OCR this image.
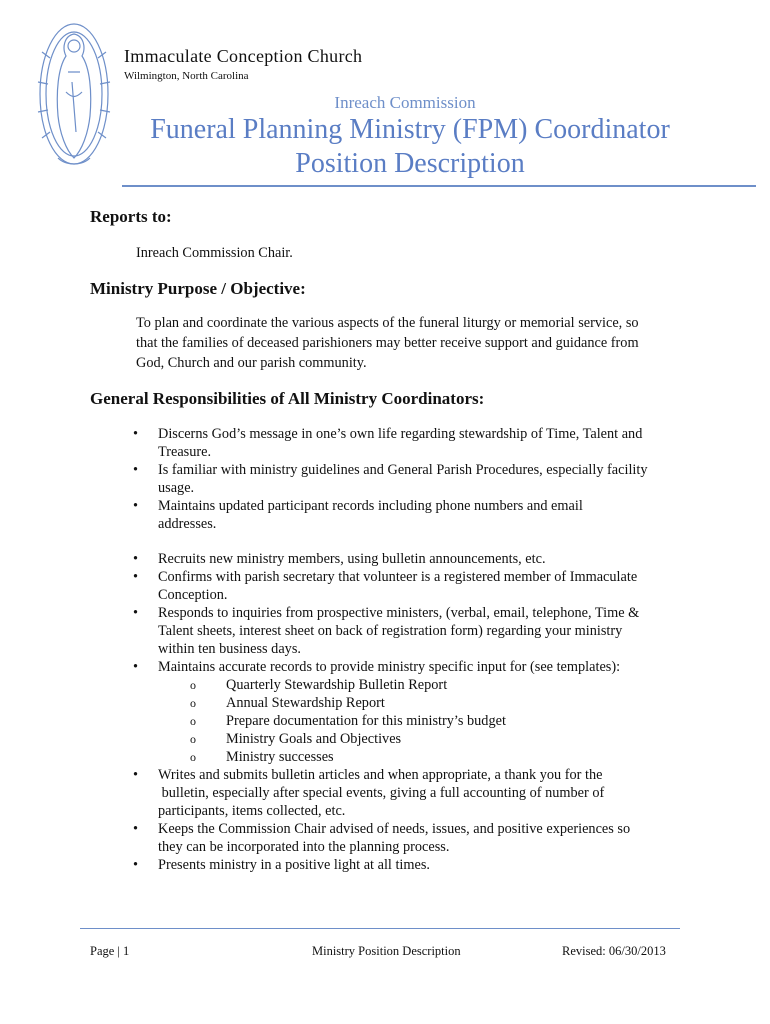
Immaculate Conception Church
Wilmington, North Carolina
Inreach Commission
Funeral Planning Ministry (FPM) Coordinator
Position Description
Reports to:
Inreach Commission Chair.
Ministry Purpose / Objective:
To plan and coordinate the various aspects of the funeral liturgy or memorial service, so
that the families of deceased parishioners may better receive support and guidance from
God, Church and our parish community.
General Responsibilities of All Ministry Coordinators:
• Discerns God’s message in one’s own life regarding stewardship of Time, Talent and
Treasure.
• Is familiar with ministry guidelines and General Parish Procedures, especially facility
usage.
• Maintains updated participant records including phone numbers and email
addresses.
• Recruits new ministry members, using bulletin announcements, etc.
• Confirms with parish secretary that volunteer is a registered member of Immaculate
Conception.
• Responds to inquiries from prospective ministers, (verbal, email, telephone, Time &
Talent sheets, interest sheet on back of registration form) regarding your ministry
within ten business days.
• Maintains accurate records to provide ministry specific input for (see templates):
o Quarterly Stewardship Bulletin Report
o Annual Stewardship Report
o Prepare documentation for this ministry’s budget
o Ministry Goals and Objectives
o Ministry successes
• Writes and submits bulletin articles and when appropriate, a thank you for the
bulletin, especially after special events, giving a full accounting of number of
participants, items collected, etc.
• Keeps the Commission Chair advised of needs, issues, and positive experiences so
they can be incorporated into the planning process.
• Presents ministry in a positive light at all times.
Page | 1	Ministry Position Description	Revised: 06/30/2013
